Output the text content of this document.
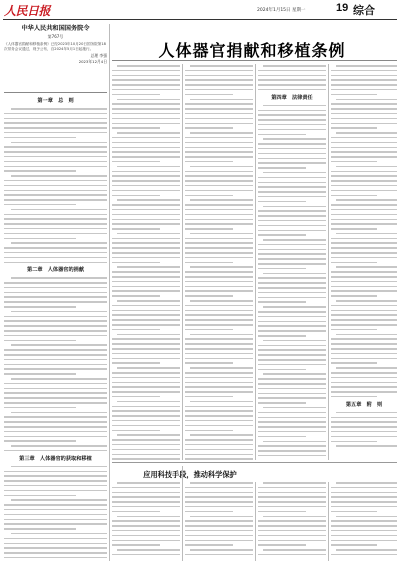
人民日报	2024年1月15日 星期一	19 综合
人体器官捐献和移植条例
中华人民共和国国务院令
第767号
《人体器官捐献和移植条例》已经2023年10月20日国务院第18次常务会议通过，现予公布，自2024年5月1日起施行。
总理 李强
2023年12月4日
第一章　总　则
第二章　人体器官的捐献
第三章　人体器官的获取和移植
第四章　法律责任
第五章　附　则
应用科技手段，推动科学保护
